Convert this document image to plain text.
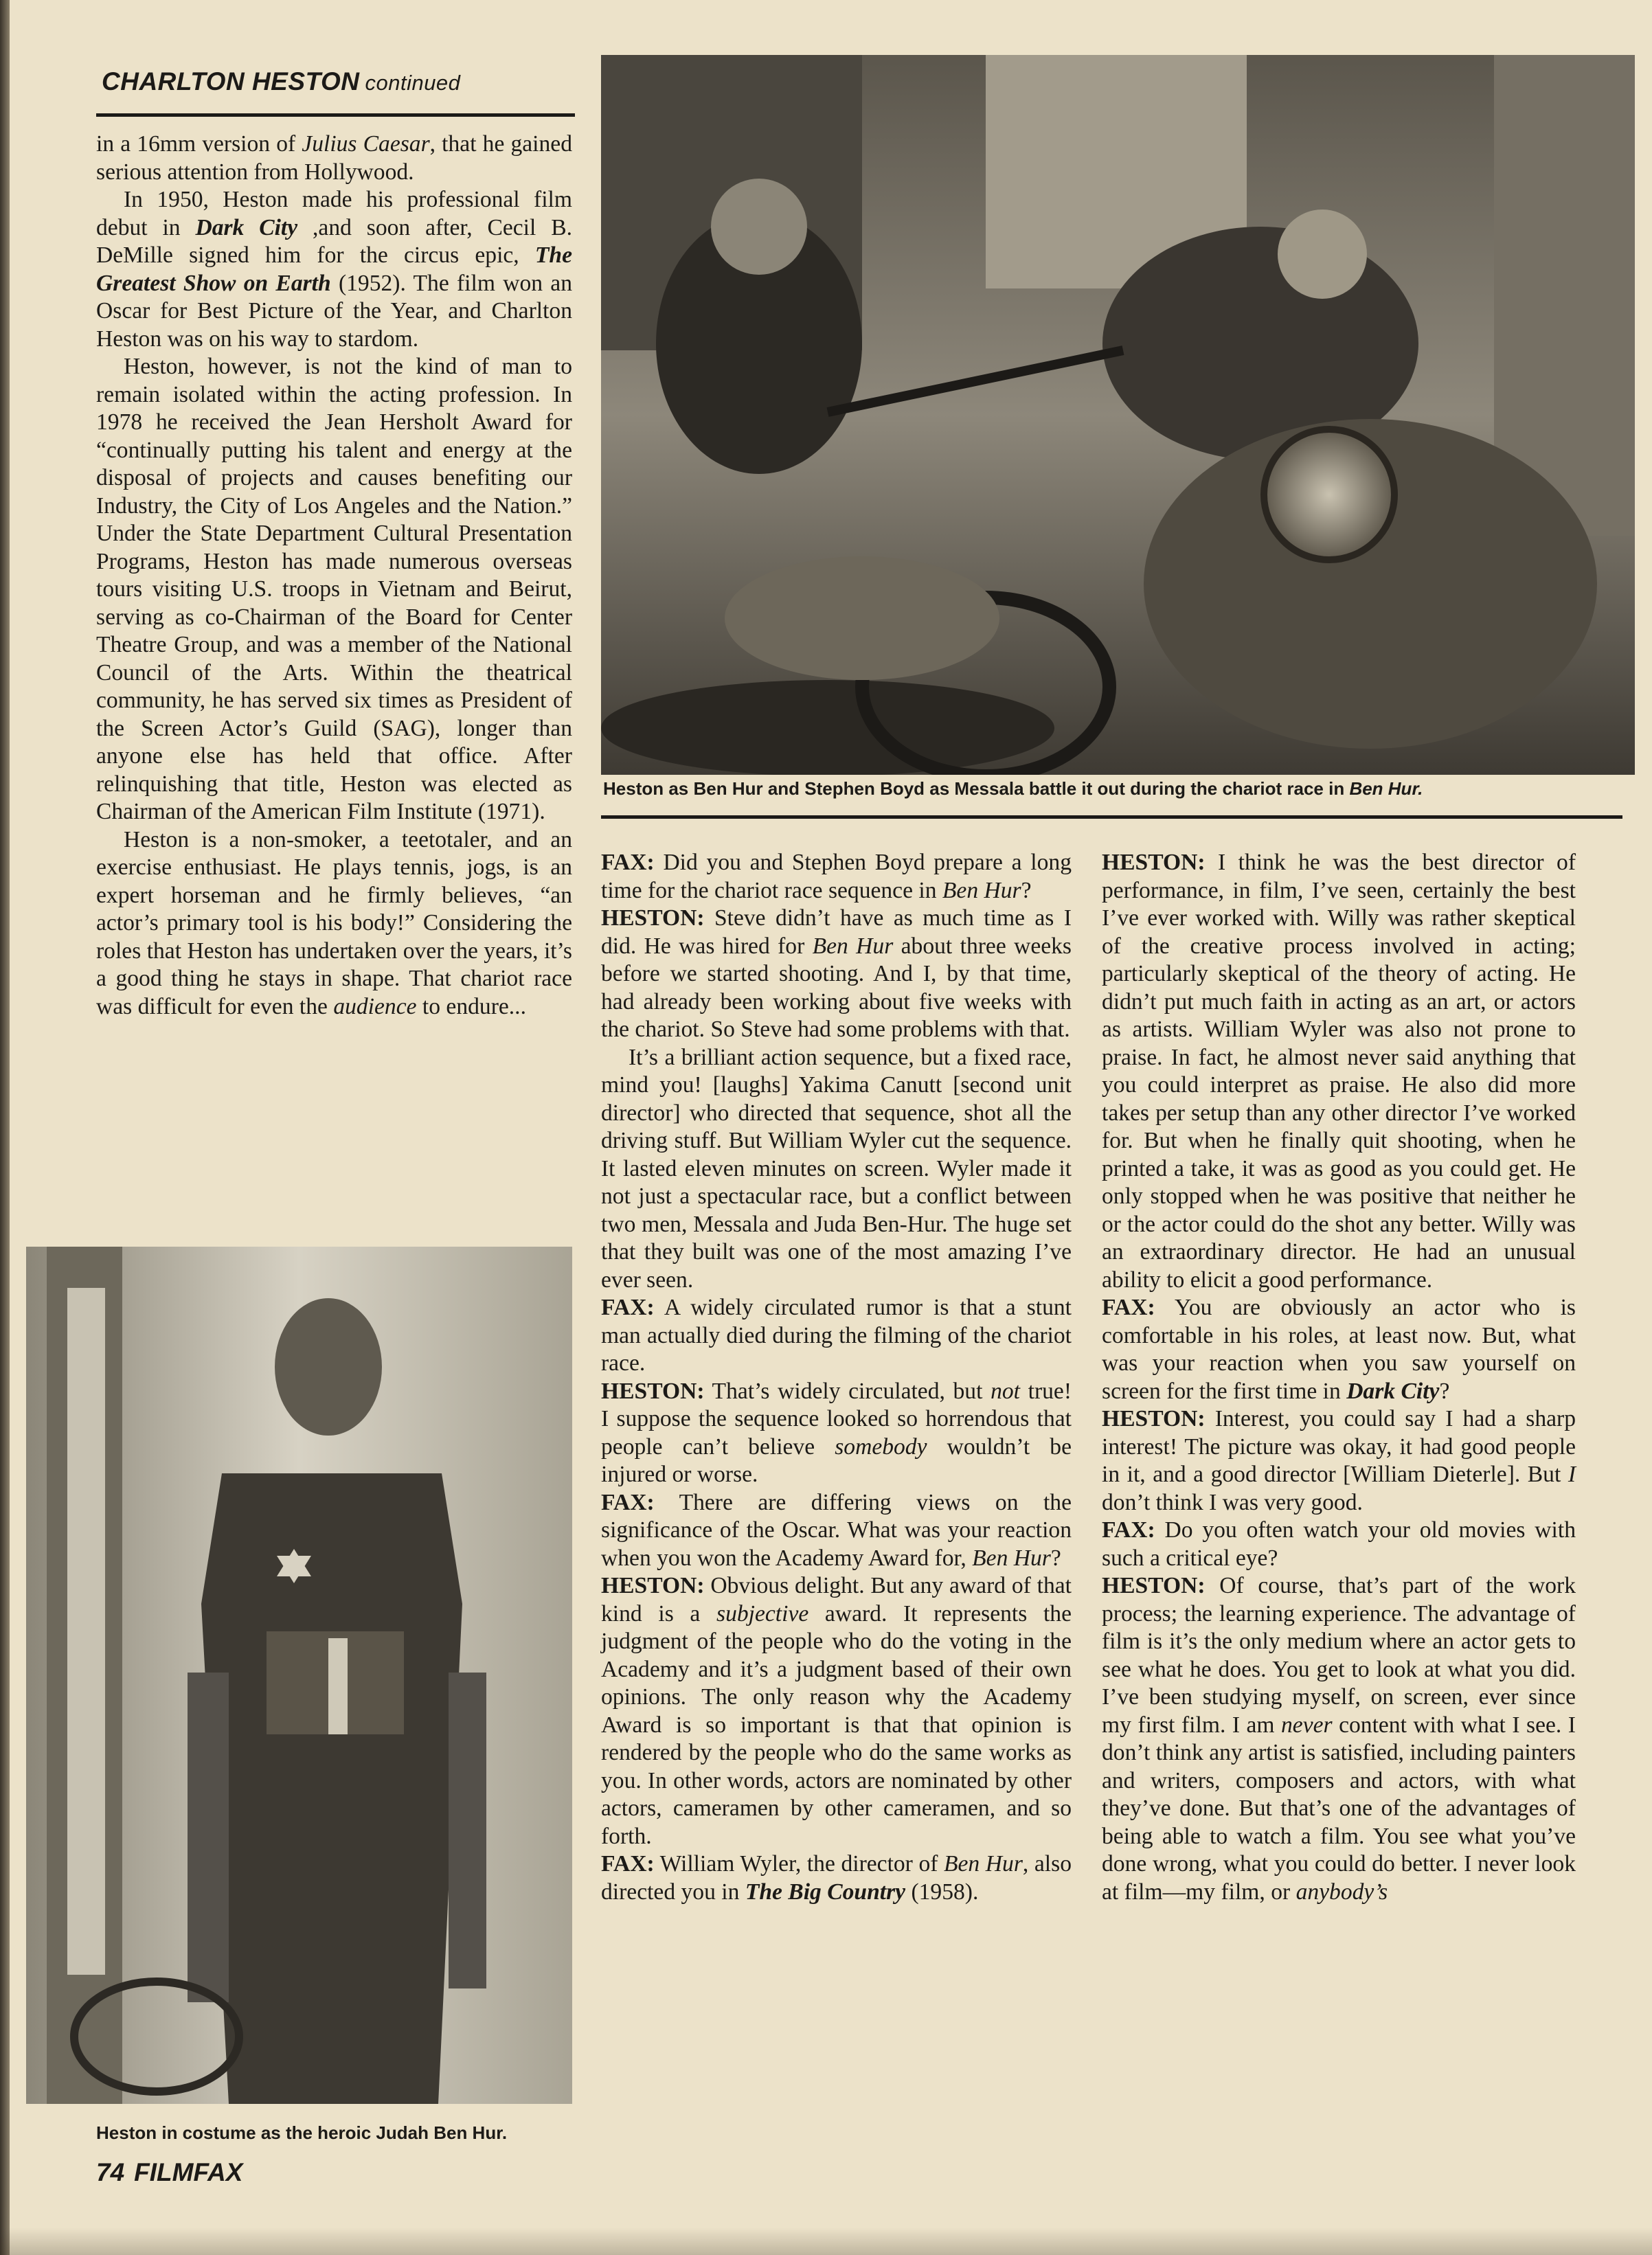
CHARLTON HESTON continued

in a 16mm version of Julius Caesar, that he gained serious attention from Hollywood.

In 1950, Heston made his professional film debut in Dark City ,and soon after, Cecil B. DeMille signed him for the circus epic, The Greatest Show on Earth (1952). The film won an Oscar for Best Picture of the Year, and Charlton Heston was on his way to stardom.

Heston, however, is not the kind of man to remain isolated within the acting profession. In 1978 he received the Jean Hersholt Award for “continually putting his talent and energy at the disposal of projects and causes benefiting our Industry, the City of Los Angeles and the Nation.” Under the State Department Cultural Presentation Programs, Heston has made numerous overseas tours visiting U.S. troops in Vietnam and Beirut, serving as co-Chairman of the Board for Center Theatre Group, and was a member of the National Council of the Arts. Within the theatrical community, he has served six times as President of the Screen Actor’s Guild (SAG), longer than anyone else has held that office. After relinquishing that title, Heston was elected as Chairman of the American Film Institute (1971).

Heston is a non-smoker, a teetotaler, and an exercise enthusiast. He plays tennis, jogs, is an expert horseman and he firmly believes, “an actor’s primary tool is his body!” Considering the roles that Heston has undertaken over the years, it’s a good thing he stays in shape. That chariot race was difficult for even the audience to endure...

Heston as Ben Hur and Stephen Boyd as Messala battle it out during the chariot race in Ben Hur.
Heston in costume as the heroic Judah Ben Hur.

FAX: Did you and Stephen Boyd prepare a long time for the chariot race sequence in Ben Hur?

HESTON: Steve didn’t have as much time as I did. He was hired for Ben Hur about three weeks before we started shooting. And I, by that time, had already been working about five weeks with the chariot. So Steve had some problems with that.

It’s a brilliant action sequence, but a fixed race, mind you! [laughs] Yakima Canutt [second unit director] who directed that sequence, shot all the driving stuff. But William Wyler cut the sequence. It lasted eleven minutes on screen. Wyler made it not just a spectacular race, but a conflict between two men, Messala and Juda Ben-Hur. The huge set that they built was one of the most amazing I’ve ever seen.

FAX: A widely circulated rumor is that a stunt man actually died during the filming of the chariot race.

HESTON: That’s widely circulated, but not true! I suppose the sequence looked so horrendous that people can’t believe somebody wouldn’t be injured or worse.

FAX: There are differing views on the significance of the Oscar. What was your reaction when you won the Academy Award for, Ben Hur?

HESTON: Obvious delight. But any award of that kind is a subjective award. It represents the judgment of the people who do the voting in the Academy and it’s a judgment based of their own opinions. The only reason why the Academy Award is so important is that that opinion is rendered by the people who do the same works as you. In other words, actors are nominated by other actors, cameramen by other cameramen, and so forth.

FAX: William Wyler, the director of Ben Hur, also directed you in The Big Country (1958).

HESTON: I think he was the best director of performance, in film, I’ve seen, certainly the best I’ve ever worked with. Willy was rather skeptical of the creative process involved in acting; particularly skeptical of the theory of acting. He didn’t put much faith in acting as an art, or actors as artists. William Wyler was also not prone to praise. In fact, he almost never said anything that you could interpret as praise. He also did more takes per setup than any other director I’ve worked for. But when he finally quit shooting, when he printed a take, it was as good as you could get. He only stopped when he was positive that neither he or the actor could do the shot any better. Willy was an extraordinary director. He had an unusual ability to elicit a good performance.

FAX: You are obviously an actor who is comfortable in his roles, at least now. But, what was your reaction when you saw yourself on screen for the first time in Dark City?

HESTON: Interest, you could say I had a sharp interest! The picture was okay, it had good people in it, and a good director [William Dieterle]. But I don’t think I was very good.

FAX: Do you often watch your old movies with such a critical eye?

HESTON: Of course, that’s part of the work process; the learning experience. The advantage of film is it’s the only medium where an actor gets to see what he does. You get to look at what you did. I’ve been studying myself, on screen, ever since my first film. I am never content with what I see. I don’t think any artist is satisfied, including painters and writers, composers and actors, with what they’ve done. But that’s one of the advantages of being able to watch a film. You see what you’ve done wrong, what you could do better. I never look at film—my film, or anybody’s

74 FILMFAX
